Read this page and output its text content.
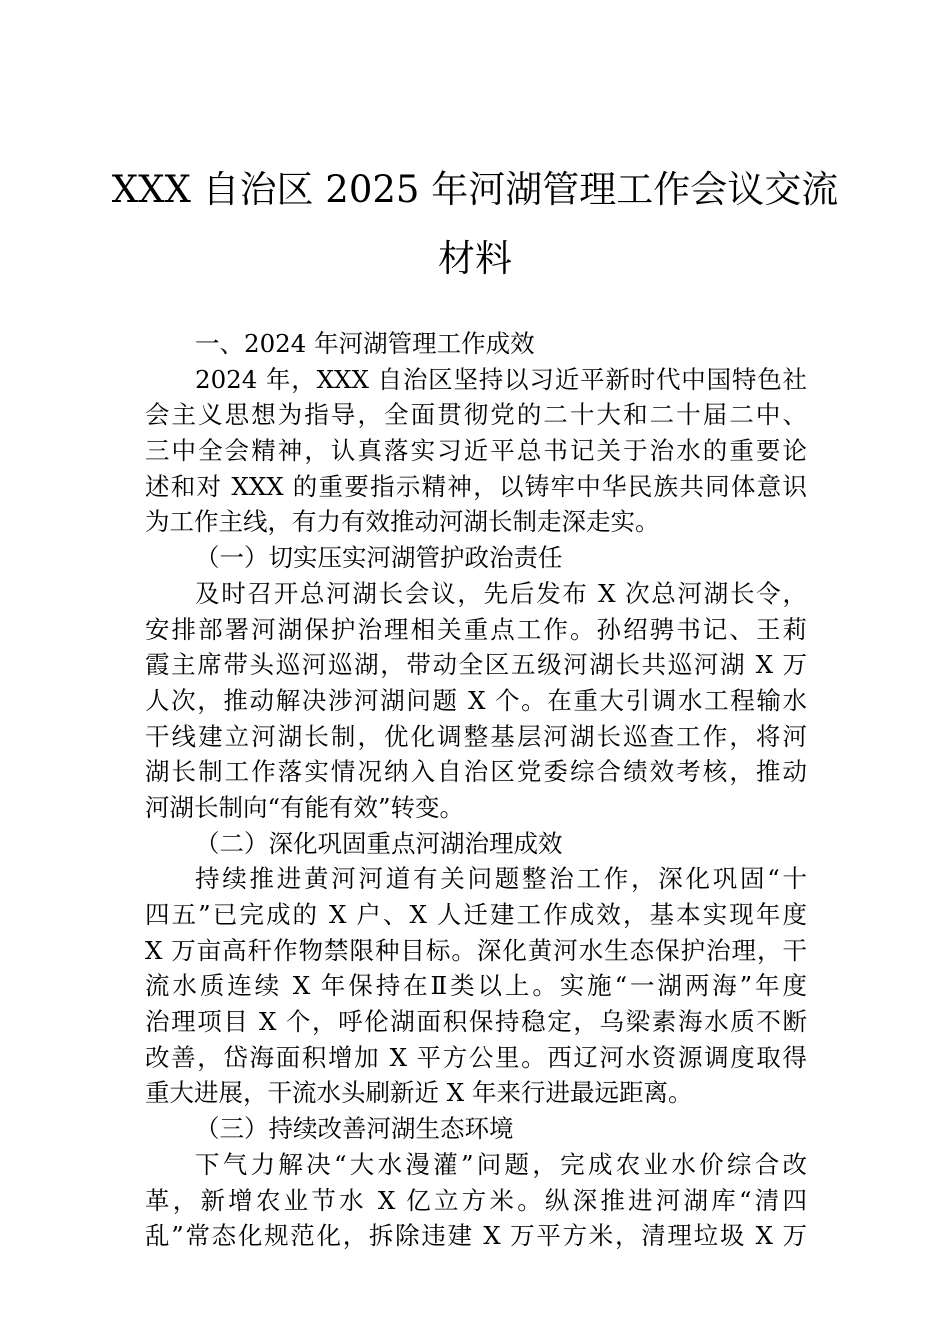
XXX 自治区 2025 年河湖管理工作会议交流
材料
一、2024 年河湖管理工作成效
2024 年，XXX 自治区坚持以习近平新时代中国特色社
会主义思想为指导，全面贯彻党的二十大和二十届二中、
三中全会精神，认真落实习近平总书记关于治水的重要论
述和对 XXX 的重要指示精神，以铸牢中华民族共同体意识
为工作主线，有力有效推动河湖长制走深走实。
（一）切实压实河湖管护政治责任
及时召开总河湖长会议，先后发布 X 次总河湖长令，
安排部署河湖保护治理相关重点工作。孙绍骋书记、王莉
霞主席带头巡河巡湖，带动全区五级河湖长共巡河湖 X 万
人次，推动解决涉河湖问题 X 个。在重大引调水工程输水
干线建立河湖长制，优化调整基层河湖长巡查工作，将河
湖长制工作落实情况纳入自治区党委综合绩效考核，推动
河湖长制向“有能有效”转变。
（二）深化巩固重点河湖治理成效
持续推进黄河河道有关问题整治工作，深化巩固“十
四五”已完成的 X 户、X 人迁建工作成效，基本实现年度
X 万亩高秆作物禁限种目标。深化黄河水生态保护治理，干
流水质连续 X 年保持在Ⅱ类以上。实施“一湖两海”年度
治理项目 X 个，呼伦湖面积保持稳定，乌梁素海水质不断
改善，岱海面积增加 X 平方公里。西辽河水资源调度取得
重大进展，干流水头刷新近 X 年来行进最远距离。
（三）持续改善河湖生态环境
下气力解决“大水漫灌”问题，完成农业水价综合改
革，新增农业节水 X 亿立方米。纵深推进河湖库“清四
乱”常态化规范化，拆除违建 X 万平方米，清理垃圾 X 万
